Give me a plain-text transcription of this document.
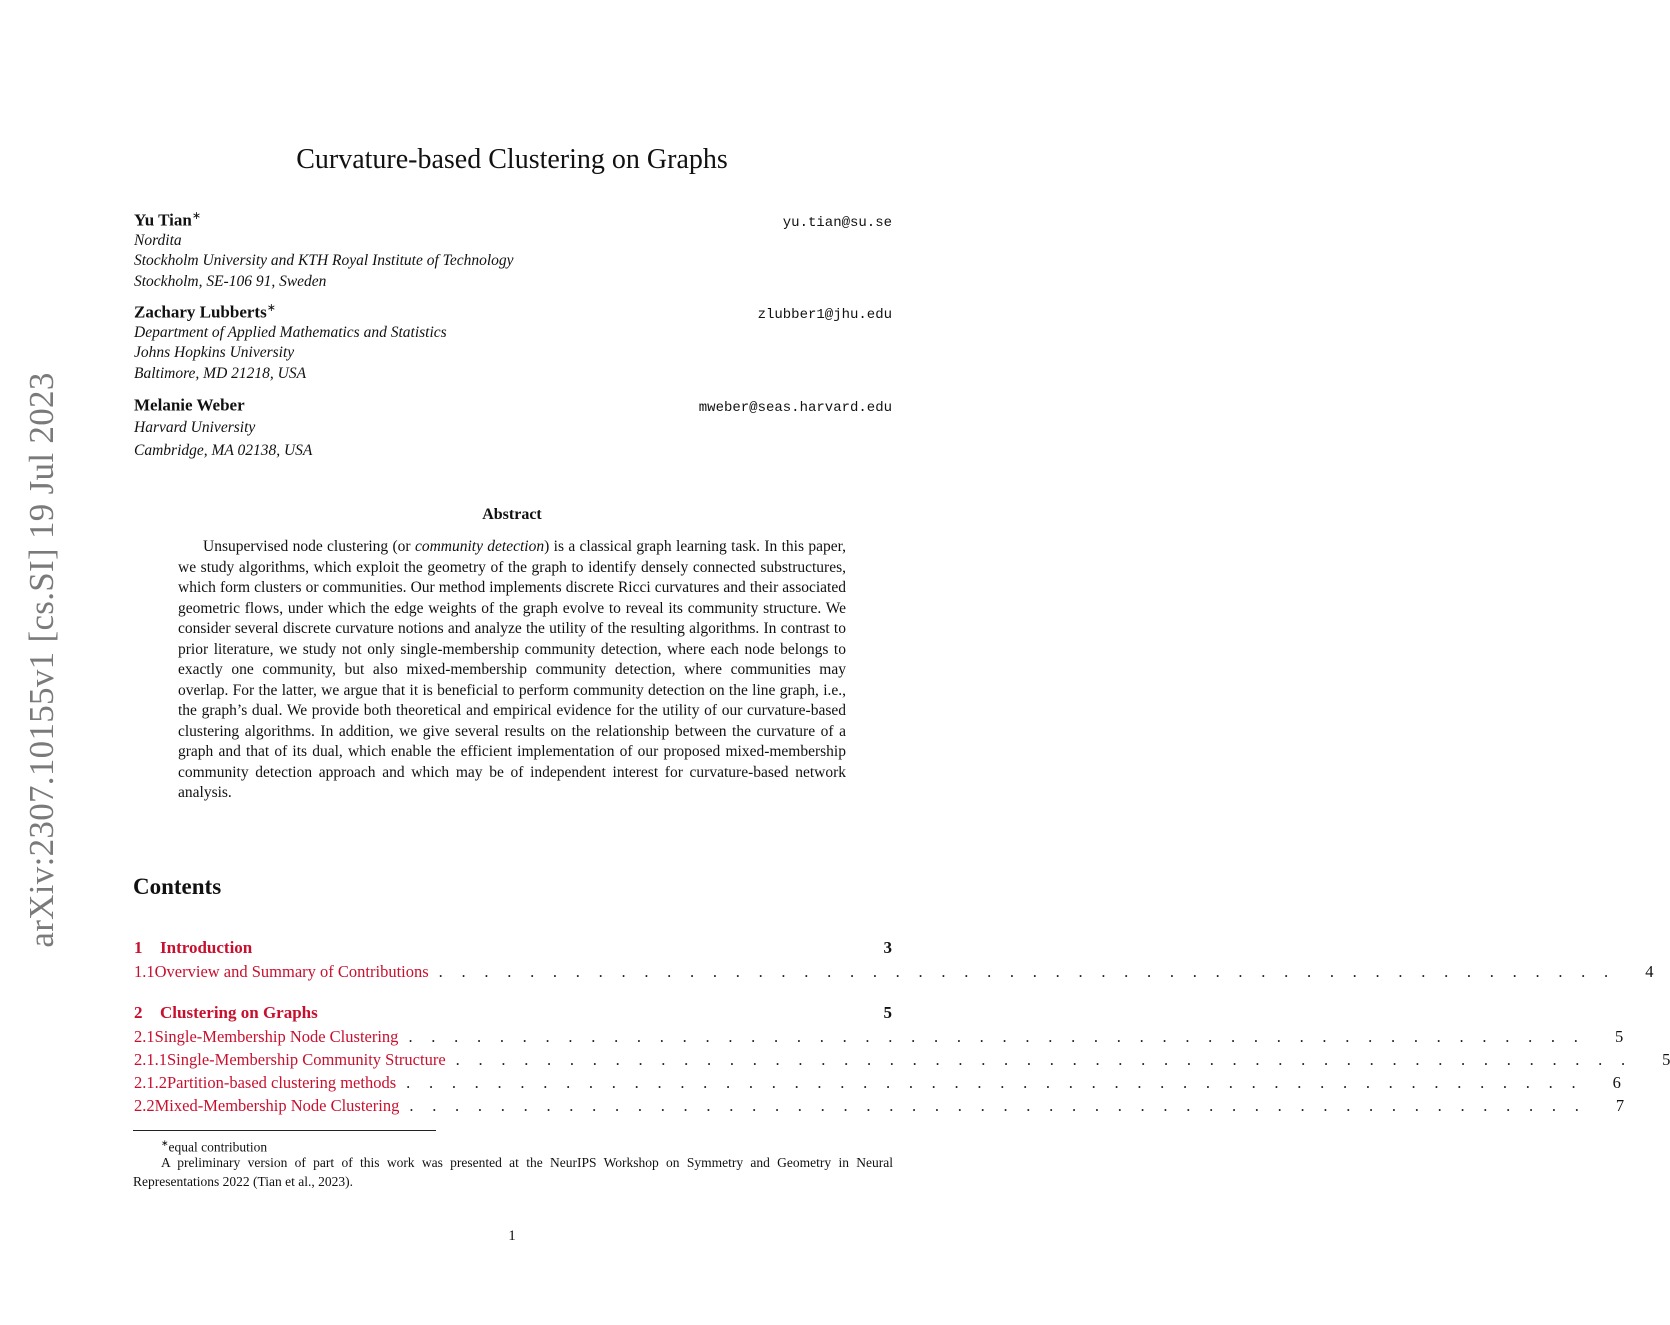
arXiv:2307.10155v1 [cs.SI] 19 Jul 2023
Curvature-based Clustering on Graphs
Yu Tian∗	yu.tian@su.se
Nordita
Stockholm University and KTH Royal Institute of Technology
Stockholm, SE-106 91, Sweden
Zachary Lubberts∗	zlubber1@jhu.edu
Department of Applied Mathematics and Statistics
Johns Hopkins University
Baltimore, MD 21218, USA
Melanie Weber	mweber@seas.harvard.edu
Harvard University
Cambridge, MA 02138, USA
Abstract
Unsupervised node clustering (or community detection) is a classical graph learning task. In this paper, we study algorithms, which exploit the geometry of the graph to identify densely connected substructures, which form clusters or communities. Our method implements discrete Ricci curvatures and their associated geometric flows, under which the edge weights of the graph evolve to reveal its community structure. We consider several discrete curvature notions and analyze the utility of the resulting algorithms. In contrast to prior literature, we study not only single-membership community detection, where each node belongs to exactly one community, but also mixed-membership community detection, where communities may overlap. For the latter, we argue that it is beneficial to perform community detection on the line graph, i.e., the graph’s dual. We provide both theoretical and empirical evidence for the utility of our curvature-based clustering algorithms. In addition, we give several results on the relationship between the curvature of a graph and that of its dual, which enable the efficient implementation of our proposed mixed-membership community detection approach and which may be of independent interest for curvature-based network analysis.
Contents
1	Introduction	3
1.1 Overview and Summary of Contributions . . . . . . . . . . . . . . . . . . . . . . . . . . . . . . . . . . . . . . . . . . . . . . . . . . . . 4
2	Clustering on Graphs	5
2.1 Single-Membership Node Clustering . . . . . . . . . . . . . . . . . . . . . . . . . . . . . . . . . . . . . . . . . . . . . . . . . . . . 5
2.1.1 Single-Membership Community Structure . . . . . . . . . . . . . . . . . . . . . . . . . . . . . . . . . . . . . . . . . . . . . . . . . . . . 5
2.1.2 Partition-based clustering methods . . . . . . . . . . . . . . . . . . . . . . . . . . . . . . . . . . . . . . . . . . . . . . . . . . . . 6
2.2 Mixed-Membership Node Clustering . . . . . . . . . . . . . . . . . . . . . . . . . . . . . . . . . . . . . . . . . . . . . . . . . . . . 7
∗equal contribution
A preliminary version of part of this work was presented at the NeurIPS Workshop on Symmetry and Geometry in Neural Representations 2022 (Tian et al., 2023).
1
